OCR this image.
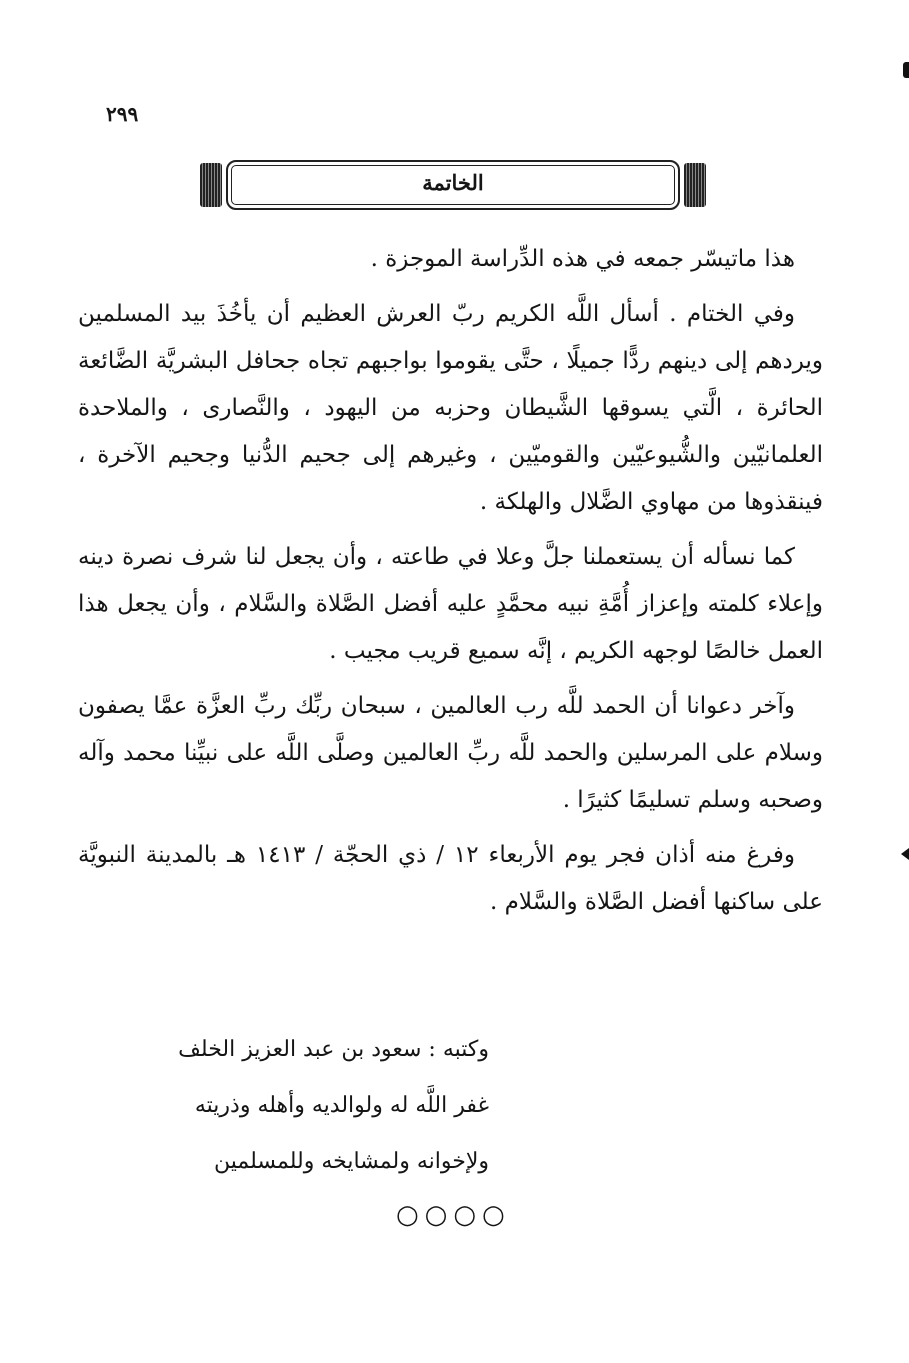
٢٩٩
الخاتمة

هذا ماتيسّر جمعه في هذه الدِّراسة الموجزة .

وفي الختام . أسأل اللَّه الكريم ربّ العرش العظيم أن يأخُذَ بيد المسلمين ويردهم إلى دينهم ردًّا جميلًا ، حتَّى يقوموا بواجبهم تجاه جحافل البشريَّة الضَّائعة الحائرة ، الَّتي يسوقها الشَّيطان وحزبه من اليهود ، والنَّصارى ، والملاحدة العلمانيّين والشُّيوعيّين والقوميّين ، وغيرهم إلى جحيم الدُّنيا وجحيم الآخرة ، فينقذوها من مهاوي الضَّلال والهلكة .

كما نسأله أن يستعملنا جلَّ وعلا في طاعته ، وأن يجعل لنا شرف نصرة دينه وإعلاء كلمته وإعزاز أُمَّةِ نبيه محمَّدٍ عليه أفضل الصَّلاة والسَّلام ، وأن يجعل هذا العمل خالصًا لوجهه الكريم ، إنَّه سميع قريب مجيب .

وآخر دعوانا أن الحمد للَّه رب العالمين ، سبحان ربِّك ربِّ العزَّة عمَّا يصفون وسلام على المرسلين والحمد للَّه ربِّ العالمين وصلَّى اللَّه على نبيِّنا محمد وآله وصحبه وسلم تسليمًا كثيرًا .

وفرغ منه أذان فجر يوم الأربعاء ١٢ / ذي الحجّة / ١٤١٣ هـ بالمدينة النبويَّة على ساكنها أفضل الصَّلاة والسَّلام .

وكتبه : سعود بن عبد العزيز الخلف
غفر اللَّه له ولوالديه وأهله وذريته
ولإخوانه ولمشايخه وللمسلمين
○○○○
